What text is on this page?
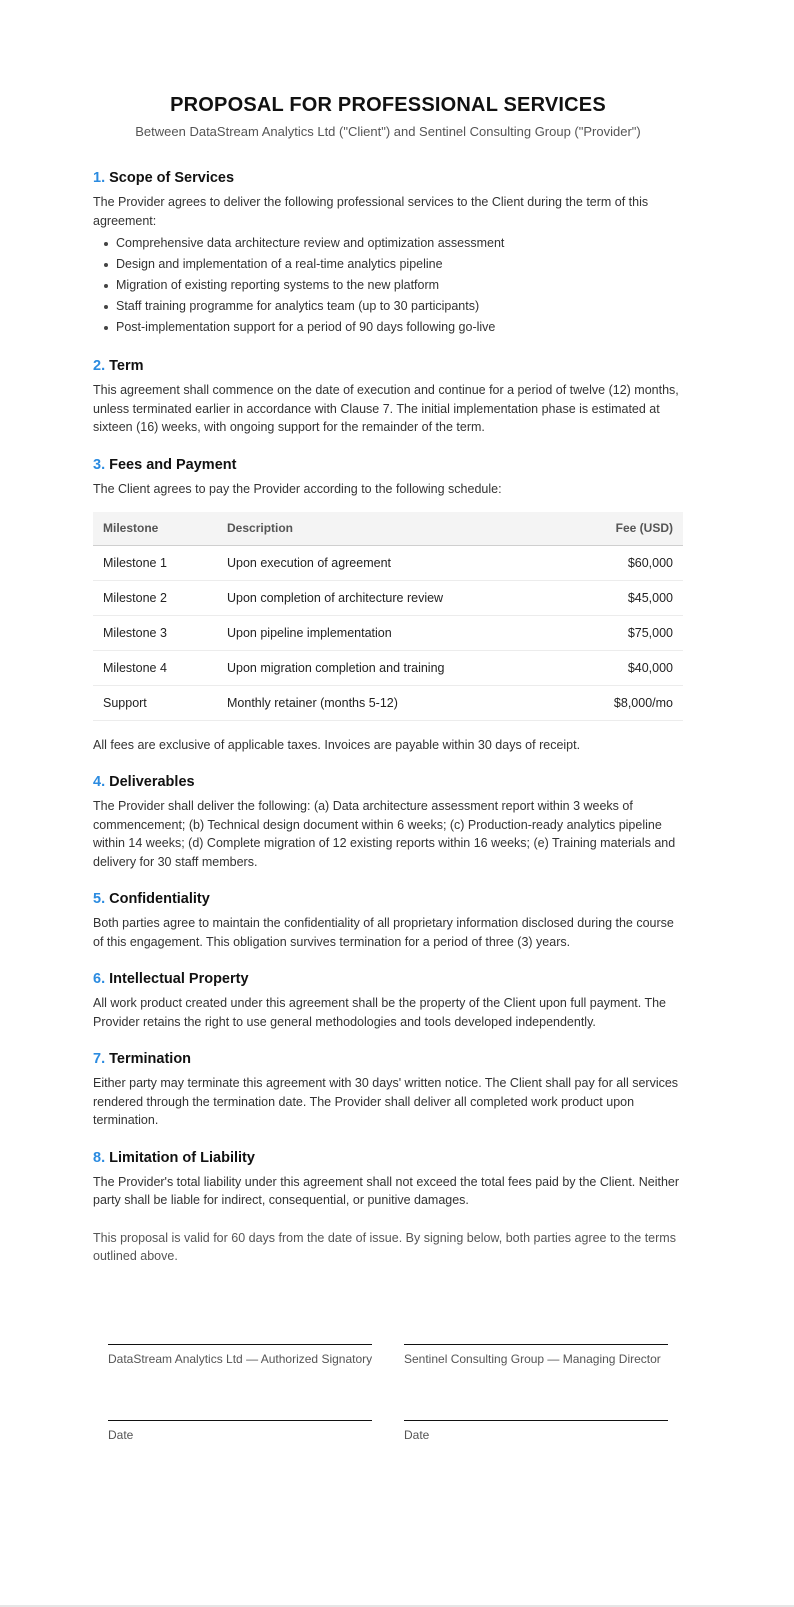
PROPOSAL FOR PROFESSIONAL SERVICES
Between DataStream Analytics Ltd ("Client") and Sentinel Consulting Group ("Provider")
1. Scope of Services

The Provider agrees to deliver the following professional services to the Client during the term of this agreement:

Comprehensive data architecture review and optimization assessment
Design and implementation of a real-time analytics pipeline
Migration of existing reporting systems to the new platform
Staff training programme for analytics team (up to 30 participants)
Post-implementation support for a period of 90 days following go-live
2. Term

This agreement shall commence on the date of execution and continue for a period of twelve (12) months, unless terminated earlier in accordance with Clause 7. The initial implementation phase is estimated at sixteen (16) weeks, with ongoing support for the remainder of the term.

3. Fees and Payment

The Client agrees to pay the Provider according to the following schedule:

Milestone	Description	Fee (USD)
Milestone 1	Upon execution of agreement	$60,000
Milestone 2	Upon completion of architecture review	$45,000
Milestone 3	Upon pipeline implementation	$75,000
Milestone 4	Upon migration completion and training	$40,000
Support	Monthly retainer (months 5-12)	$8,000/mo

All fees are exclusive of applicable taxes. Invoices are payable within 30 days of receipt.

4. Deliverables

The Provider shall deliver the following: (a) Data architecture assessment report within 3 weeks of commencement; (b) Technical design document within 6 weeks; (c) Production-ready analytics pipeline within 14 weeks; (d) Complete migration of 12 existing reports within 16 weeks; (e) Training materials and delivery for 30 staff members.

5. Confidentiality

Both parties agree to maintain the confidentiality of all proprietary information disclosed during the course of this engagement. This obligation survives termination for a period of three (3) years.

6. Intellectual Property

All work product created under this agreement shall be the property of the Client upon full payment. The Provider retains the right to use general methodologies and tools developed independently.

7. Termination

Either party may terminate this agreement with 30 days' written notice. The Client shall pay for all services rendered through the termination date. The Provider shall deliver all completed work product upon termination.

8. Limitation of Liability

The Provider's total liability under this agreement shall not exceed the total fees paid by the Client. Neither party shall be liable for indirect, consequential, or punitive damages.

This proposal is valid for 60 days from the date of issue. By signing below, both parties agree to the terms outlined above.

DataStream Analytics Ltd — Authorized Signatory	Sentinel Consulting Group — Managing Director
Date	Date
